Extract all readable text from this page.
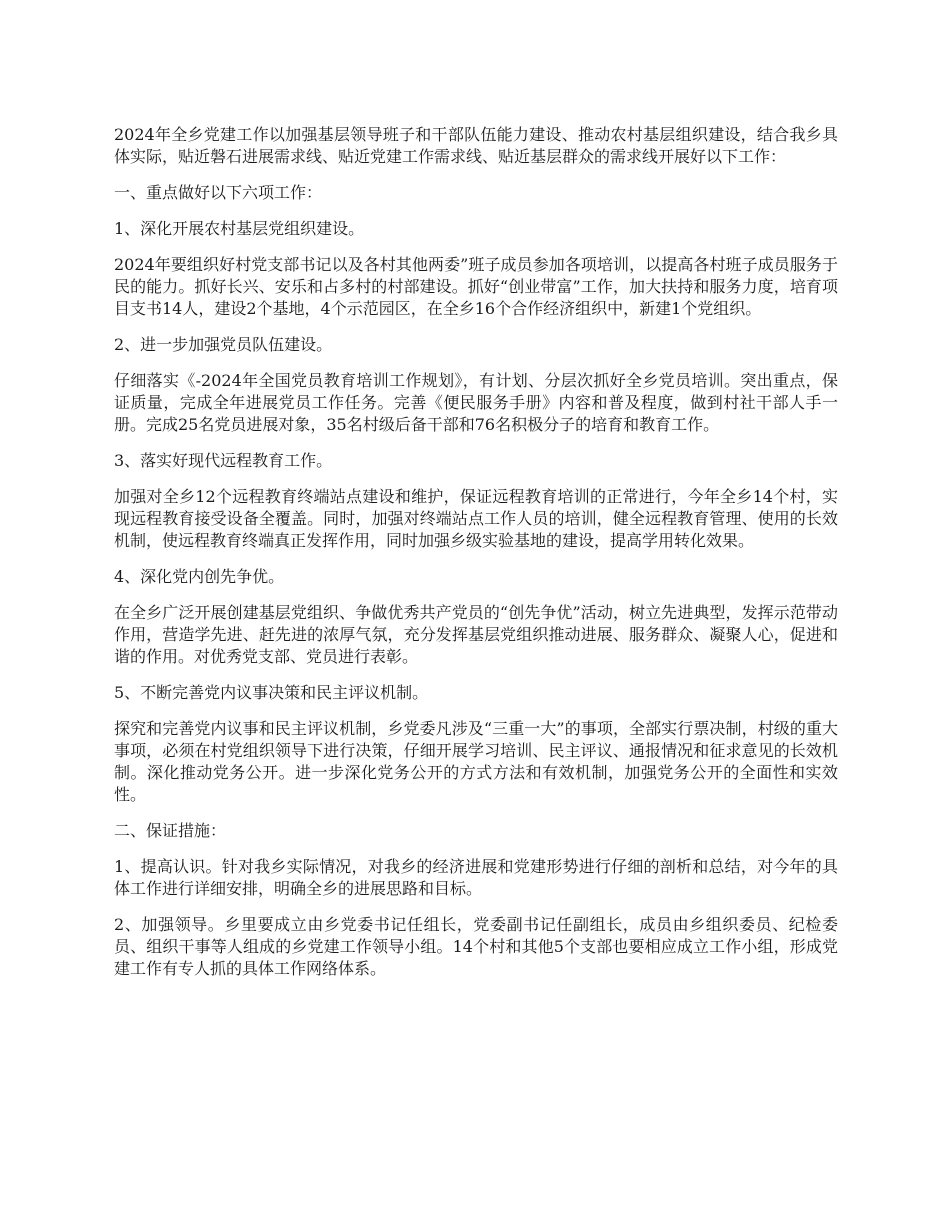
2024年全乡党建工作以加强基层领导班子和干部队伍能力建设、推动农村基层组织建设，结合我乡具体实际，贴近磐石进展需求线、贴近党建工作需求线、贴近基层群众的需求线开展好以下工作：

一、重点做好以下六项工作：

1、深化开展农村基层党组织建设。

2024年要组织好村党支部书记以及各村其他两委”班子成员参加各项培训，以提高各村班子成员服务于民的能力。抓好长兴、安乐和占多村的村部建设。抓好“创业带富”工作，加大扶持和服务力度，培育项目支书14人，建设2个基地，4个示范园区，在全乡16个合作经济组织中，新建1个党组织。

2、进一步加强党员队伍建设。

仔细落实《-2024年全国党员教育培训工作规划》，有计划、分层次抓好全乡党员培训。突出重点，保证质量，完成全年进展党员工作任务。完善《便民服务手册》内容和普及程度，做到村社干部人手一册。完成25名党员进展对象，35名村级后备干部和76名积极分子的培育和教育工作。

3、落实好现代远程教育工作。

加强对全乡12个远程教育终端站点建设和维护，保证远程教育培训的正常进行，今年全乡14个村，实现远程教育接受设备全覆盖。同时，加强对终端站点工作人员的培训，健全远程教育管理、使用的长效机制，使远程教育终端真正发挥作用，同时加强乡级实验基地的建设，提高学用转化效果。

4、深化党内创先争优。

在全乡广泛开展创建基层党组织、争做优秀共产党员的“创先争优”活动，树立先进典型，发挥示范带动作用，营造学先进、赶先进的浓厚气氛，充分发挥基层党组织推动进展、服务群众、凝聚人心，促进和谐的作用。对优秀党支部、党员进行表彰。

5、不断完善党内议事决策和民主评议机制。

探究和完善党内议事和民主评议机制，乡党委凡涉及“三重一大”的事项，全部实行票决制，村级的重大事项，必须在村党组织领导下进行决策，仔细开展学习培训、民主评议、通报情况和征求意见的长效机制。深化推动党务公开。进一步深化党务公开的方式方法和有效机制，加强党务公开的全面性和实效性。

二、保证措施：

1、提高认识。针对我乡实际情况，对我乡的经济进展和党建形势进行仔细的剖析和总结，对今年的具体工作进行详细安排，明确全乡的进展思路和目标。

2、加强领导。乡里要成立由乡党委书记任组长，党委副书记任副组长，成员由乡组织委员、纪检委员、组织干事等人组成的乡党建工作领导小组。14个村和其他5个支部也要相应成立工作小组，形成党建工作有专人抓的具体工作网络体系。
